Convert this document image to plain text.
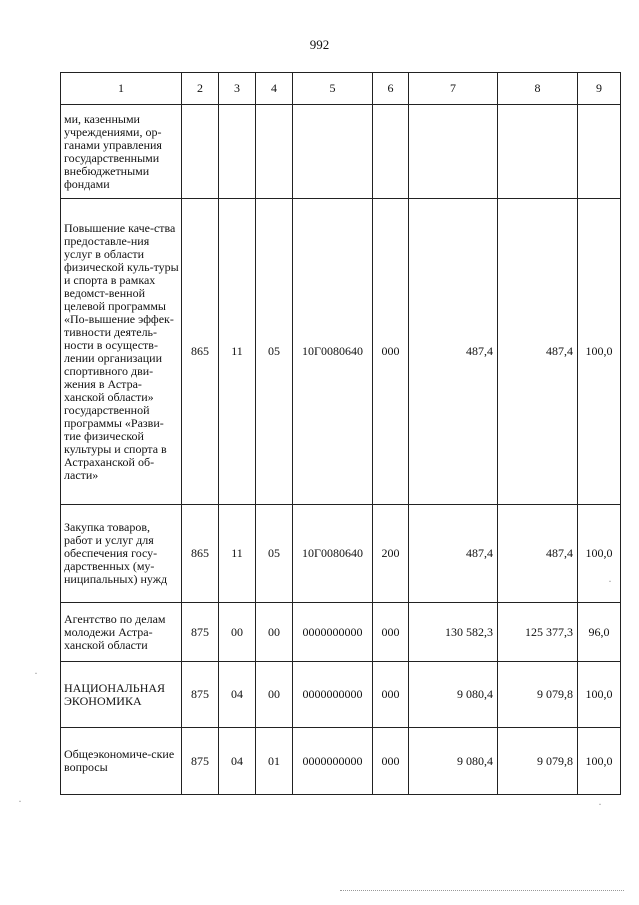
992
1	2	3	4	5	6	7	8	9
ми, казенными учреждениями, ор-ганами управления государственными внебюджетными фондами								
Повышение каче-ства предоставле-ния услуг в области физической куль-туры и спорта в рамках ведомст-венной целевой программы «По-вышение эффек-тивности деятель-ности в осуществ-лении организации спортивного дви-жения в Астра-ханской области» государственной программы «Разви-тие физической культуры и спорта в Астраханской об-ласти»	865	11	05	10Г0080640	000	487,4	487,4	100,0
Закупка товаров, работ и услуг для обеспечения госу-дарственных (му-ниципальных) нужд	865	11	05	10Г0080640	200	487,4	487,4	100,0
Агентство по делам молодежи Астра-ханской области	875	00	00	0000000000	000	130 582,3	125 377,3	96,0
НАЦИОНАЛЬНАЯ ЭКОНОМИКА	875	04	00	0000000000	000	9 080,4	9 079,8	100,0
Общеэкономиче-ские вопросы	875	04	01	0000000000	000	9 080,4	9 079,8	100,0
·
·
·
·
